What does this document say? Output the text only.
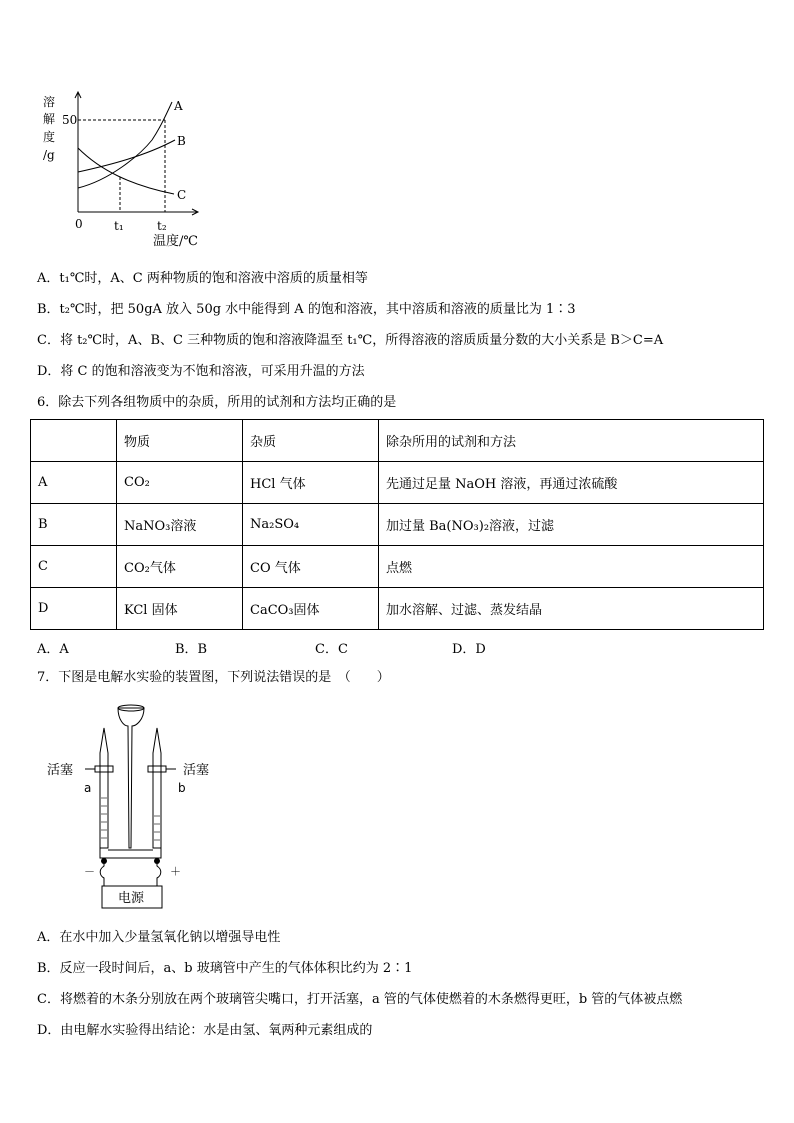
溶
解
度
/g
50
0	t₁	t₂
温度/℃
A
B
C
A．t₁℃时，A、C 两种物质的饱和溶液中溶质的质量相等
B．t₂℃时，把 50gA 放入 50g 水中能得到 A 的饱和溶液，其中溶质和溶液的质量比为 1∶3
C．将 t₂℃时，A、B、C 三种物质的饱和溶液降温至 t₁℃，所得溶液的溶质质量分数的大小关系是 B＞C=A
D．将 C 的饱和溶液变为不饱和溶液，可采用升温的方法
6．除去下列各组物质中的杂质，所用的试剂和方法均正确的是
	物质	杂质	除杂所用的试剂和方法
A	CO₂	HCl 气体	先通过足量 NaOH 溶液，再通过浓硫酸
B	NaNO₃溶液	Na₂SO₄	加过量 Ba(NO₃)₂溶液，过滤
C	CO₂气体	CO 气体	点燃
D	KCl 固体	CaCO₃固体	加水溶解、过滤、蒸发结晶
A．A	B．B	C．C	D．D
7．下图是电解水实验的装置图，下列说法错误的是　（　　）
活塞	活塞
a	b
－	＋
电源
A．在水中加入少量氢氧化钠以增强导电性
B．反应一段时间后，a、b 玻璃管中产生的气体体积比约为 2∶1
C．将燃着的木条分别放在两个玻璃管尖嘴口，打开活塞，a 管的气体使燃着的木条燃得更旺，b 管的气体被点燃
D．由电解水实验得出结论：水是由氢、氧两种元素组成的
